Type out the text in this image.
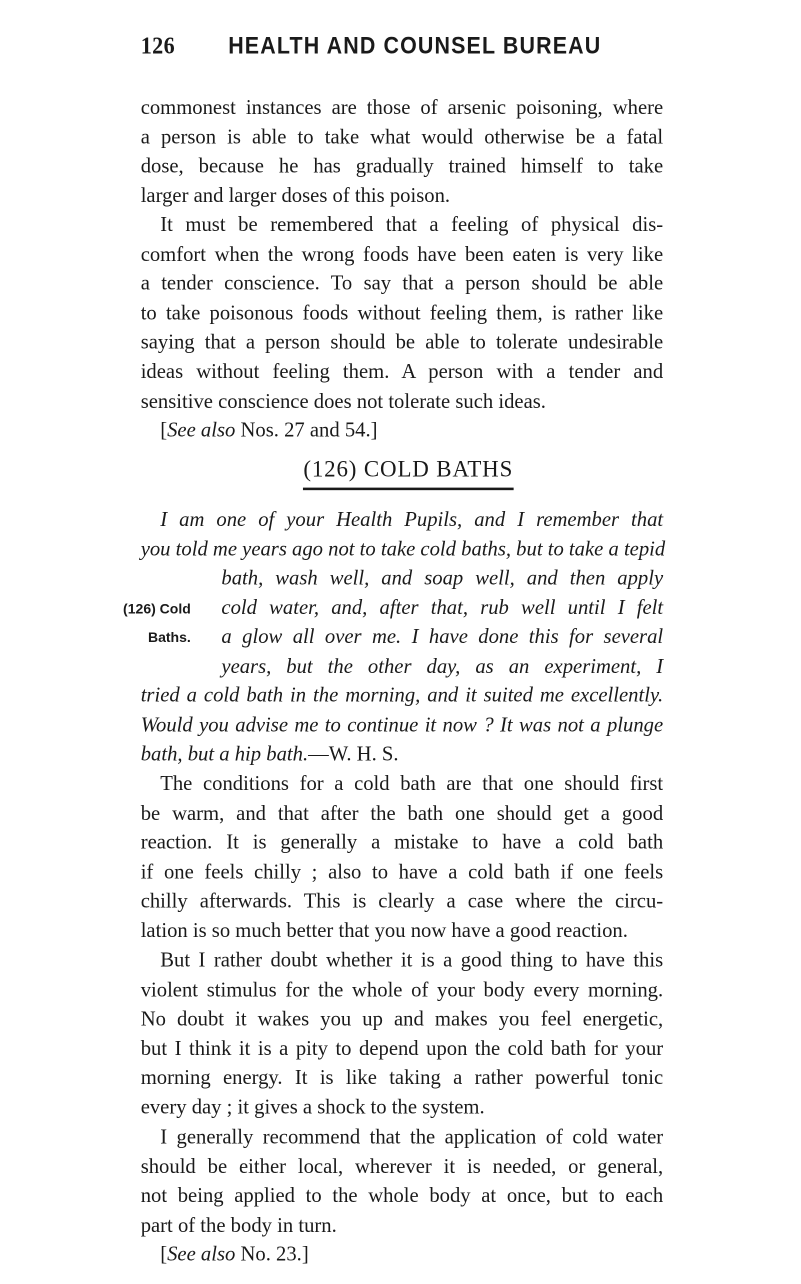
126 HEALTH AND COUNSEL BUREAU
commonest instances are those of arsenic poisoning, where
a person is able to take what would otherwise be a fatal
dose, because he has gradually trained himself to take
larger and larger doses of this poison.
It must be remembered that a feeling of physical dis-
comfort when the wrong foods have been eaten is very like
a tender conscience. To say that a person should be able
to take poisonous foods without feeling them, is rather like
saying that a person should be able to tolerate undesirable
ideas without feeling them. A person with a tender and
sensitive conscience does not tolerate such ideas.
[See also Nos. 27 and 54.]
(126) COLD BATHS
(126) Cold
Baths.
I am one of your Health Pupils, and I remember that
you told me years ago not to take cold baths, but to take a tepid
bath, wash well, and soap well, and then apply
cold water, and, after that, rub well until I felt
a glow all over me. I have done this for several
years, but the other day, as an experiment, I
tried a cold bath in the morning, and it suited me excellently.
Would you advise me to continue it now ? It was not a plunge
bath, but a hip bath.—W. H. S.
The conditions for a cold bath are that one should first
be warm, and that after the bath one should get a good
reaction. It is generally a mistake to have a cold bath
if one feels chilly ; also to have a cold bath if one feels
chilly afterwards. This is clearly a case where the circu-
lation is so much better that you now have a good reaction.
But I rather doubt whether it is a good thing to have this
violent stimulus for the whole of your body every morning.
No doubt it wakes you up and makes you feel energetic,
but I think it is a pity to depend upon the cold bath for your
morning energy. It is like taking a rather powerful tonic
every day ; it gives a shock to the system.
I generally recommend that the application of cold water
should be either local, wherever it is needed, or general,
not being applied to the whole body at once, but to each
part of the body in turn.
[See also No. 23.]
